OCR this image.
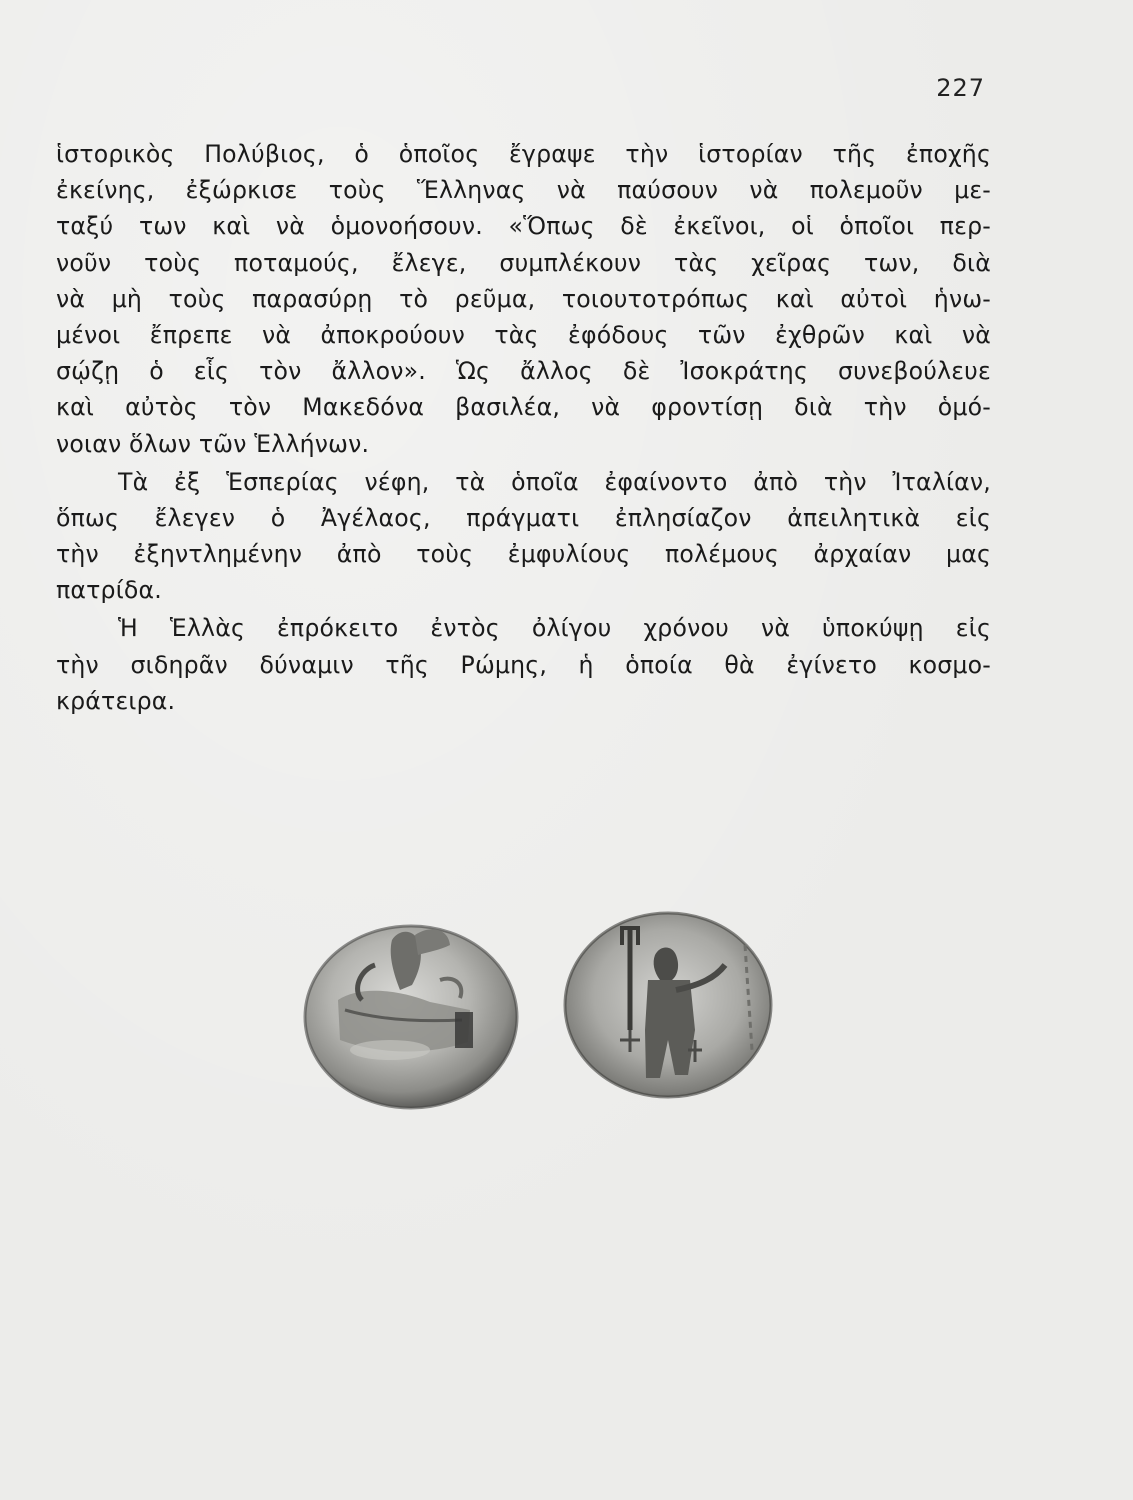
227
ἱστορικὸς Πολύβιος, ὁ ὁποῖος ἔγραψε τὴν ἱστορίαν τῆς ἐποχῆς
ἐκείνης, ἐξώρκισε τοὺς Ἕλληνας νὰ παύσουν νὰ πολεμοῦν με-
ταξύ των καὶ νὰ ὁμονοήσουν. «Ὅπως δὲ ἐκεῖνοι, οἱ ὁποῖοι περ-
νοῦν τοὺς ποταμούς, ἔλεγε, συμπλέκουν τὰς χεῖρας των, διὰ
νὰ μὴ τοὺς παρασύρῃ τὸ ρεῦμα, τοιουτοτρόπως καὶ αὐτοὶ ἡνω-
μένοι ἔπρεπε νὰ ἀποκρούουν τὰς ἐφόδους τῶν ἐχθρῶν καὶ νὰ
σῴζῃ ὁ εἷς τὸν ἄλλον». Ὡς ἄλλος δὲ Ἰσοκράτης συνεβούλευε
καὶ αὐτὸς τὸν Μακεδόνα βασιλέα, νὰ φροντίσῃ διὰ τὴν ὁμό-
νοιαν ὅλων τῶν Ἑλλήνων.
Τὰ ἐξ Ἑσπερίας νέφη, τὰ ὁποῖα ἐφαίνοντο ἀπὸ τὴν Ἰταλίαν,
ὅπως ἔλεγεν ὁ Ἀγέλαος, πράγματι ἐπλησίαζον ἀπειλητικὰ εἰς
τὴν ἐξηντλημένην ἀπὸ τοὺς ἐμφυλίους πολέμους ἀρχαίαν μας
πατρίδα.
Ἡ Ἑλλὰς ἐπρόκειτο ἐντὸς ὀλίγου χρόνου νὰ ὑποκύψῃ εἰς
τὴν σιδηρᾶν δύναμιν τῆς Ρώμης, ἡ ὁποία θὰ ἐγίνετο κοσμο-
κράτειρα.
